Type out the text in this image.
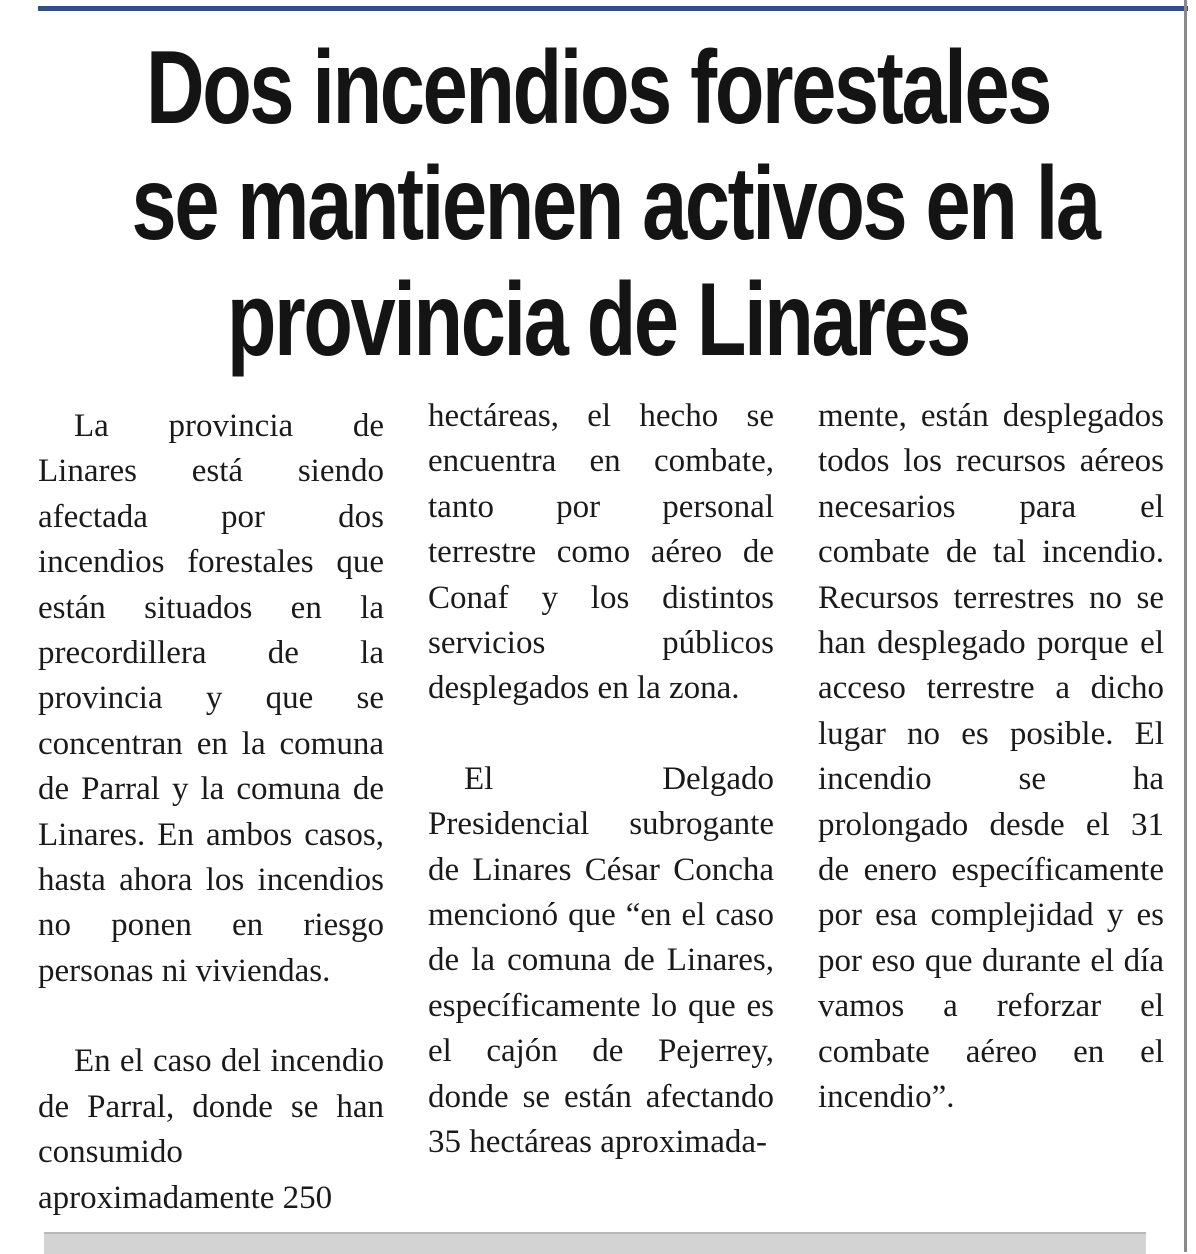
Dos incendios forestales
se mantienen activos en la
provincia de Linares

La provincia de Linares está siendo afectada por dos incendios forestales que están situados en la precordillera de la provincia y que se concentran en la comuna de Parral y la comuna de Linares. En ambos casos, hasta ahora los incendios no ponen en riesgo personas ni viviendas.

En el caso del incendio de Parral, donde se han consumido aproximadamente 250

hectáreas, el hecho se encuentra en combate, tanto por personal terrestre como aéreo de Conaf y los distintos servicios públicos desplegados en la zona.

El Delgado Presidencial subrogante de Linares César Concha mencionó que “en el caso de la comuna de Linares, específicamente lo que es el cajón de Pejerrey, donde se están afectando 35 hectáreas aproximada-

mente, están desplegados todos los recursos aéreos necesarios para el combate de tal incendio. Recursos terrestres no se han desplegado porque el acceso terrestre a dicho lugar no es posible. El incendio se ha prolongado desde el 31 de enero específicamente por esa complejidad y es por eso que durante el día vamos a reforzar el combate aéreo en el incendio”.
